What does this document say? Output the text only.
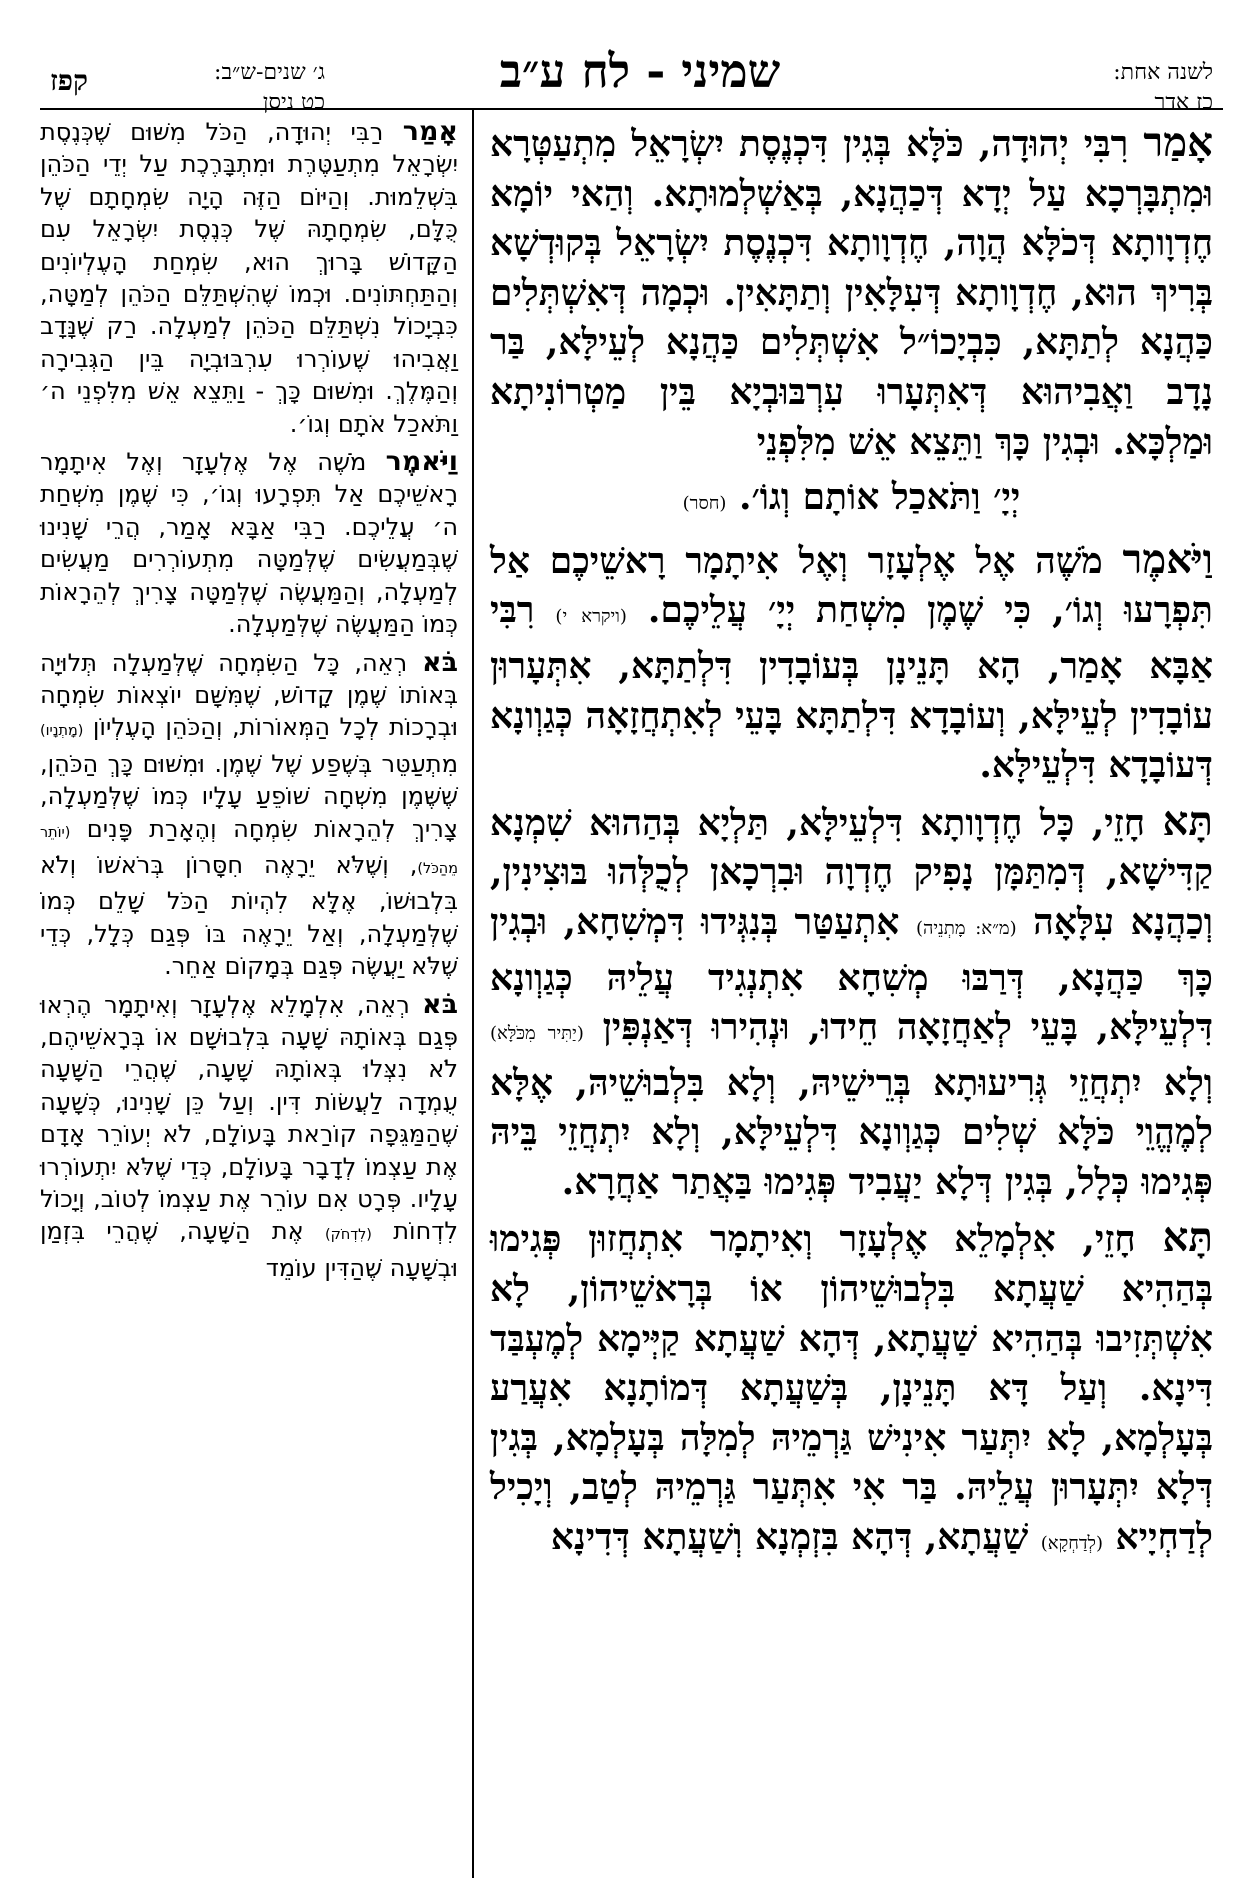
קפז	ג׳ שנים-ש״ב:
כט ניסן
שמיני - לח ע״ב	לשנה אחת:
כז אדר

אָמַר רִבִּי יְהוּדָה, כֹּלָּא בְּגִין דִּכְנֶסֶת יִשְׂרָאֵל מִתְעַטְּרָא וּמִתְבָּרְכָא עַל יְדָא דְּכַהֲנָא, בְּאַשְׁלְמוּתָא. וְהַאי יוֹמָא חֶדְוָותָא דְּכֹלָּא הֲוָה, חֶדְוָותָא דִּכְנֶסֶת יִשְׂרָאֵל בְּקוּדְשָׁא בְּרִיךְ הוּא, חֶדְוָותָא דְּעִלָּאִין וְתַתָּאִין. וּכְמָה דְּאִשְׁתְּלִים כַּהֲנָא לְתַתָּא, כִּבְיָכוֹ״ל אִשְׁתְּלִים כַּהֲנָא לְעֵילָּא, בַּר נָדָב וַאֲבִיהוּא דְּאִתְּעָרוּ עִרְבּוּבְיָא בֵּין מַטְרוֹנִיתָא וּמַלְכָּא. וּבְגִין כָּךְ וַתֵּצֵא אֵשׁ מִלִּפְנֵי

יְיָ׳ וַתֹּאכַל אוֹתָם וְגוֹ׳. (חסר)

וַיֹּאמֶר מֹשֶׁה אֶל אֶלְעָזָר וְאֶל אִיתָמָר רָאשֵׁיכֶם אַל תִּפְרָעוּ וְגוֹ׳, כִּי שֶׁמֶן מִשְׁחַת יְיָ׳ עֲלֵיכֶם. (ויקרא י) רִבִּי אַבָּא אָמַר, הָא תָּנֵינָן בְּעוֹבָדִין דִּלְתַתָּא, אִתְּעָרוּן עוֹבָדִין לְעֵילָּא, וְעוֹבָדָא דִּלְתַתָּא בָּעֵי לְאִתְחֲזָאָה כְּגַוְונָא דְּעוֹבָדָא דִּלְעֵילָּא.

תָּא חָזֵי, כָּל חֶדְוָותָא דִּלְעֵילָּא, תַּלְיָא בְּהַהוּא שִׁמְנָא קַדִּישָׁא, דְּמִתַּמָּן נָפִיק חֶדְוָה וּבִרְכָאן לְכֻלְּהוּ בּוּצִינִין, וְכַהֲנָא עִלָּאָה (מ״א: מָתְנֵיה) אִתְעַטַּר בְּנִגְּידוּ דִּמְשִׁחָא, וּבְגִין כָּךְ כַּהֲנָא, דְּרַבּוּ מְשִׁחָא אִתְנְגִיד עֲלֵיהּ כְּגַוְונָא דִּלְעֵילָּא, בָּעֵי לְאַחֲזָאָה חֵידוּ, וּנְהִירוּ דְּאַנְפִּין (יַתִּיר מִכֹּלָּא) וְלָא יִתְחֲזֵי גְּרִיעוּתָא בְּרֵישֵׁיהּ, וְלָא בִּלְבוּשֵׁיהּ, אֶלָּא לְמֶהֱוֵי כֹּלָּא שְׁלִים כְּגַוְונָא דִּלְעֵילָּא, וְלָא יִתְחֲזֵי בֵּיהּ פְּגִימוּ כְּלָל, בְּגִין דְּלָא יַעֲבִיד פְּגִימוּ בַּאֲתַר אַחֲרָא.

תָּא חָזֵי, אִלְמָלֵא אֶלְעָזָר וְאִיתָמָר אִתְחֲזוּן פְּגִימוּ בְּהַהִיא שַׁעֲתָא בִּלְבוּשֵׁיהוֹן אוֹ בְּרָאשֵׁיהוֹן, לָא אִשְׁתְּזִיבוּ בְּהַהִיא שַׁעֲתָא, דְּהָא שַׁעֲתָא קַיְּימָא לְמֶעְבַּד דִּינָא. וְעַל דָּא תָּנֵינָן, בְּשַׁעֲתָא דְּמוֹתָנָא אִעֲרַע בְּעָלְמָא, לָא יִתְּעַר אִינִישׁ גַּרְמֵיהּ לְמִלָּה בְּעָלְמָא, בְּגִין דְּלָא יִתְּעָרוּן עֲלֵיהּ. בַּר אִי אִתְּעַר גַּרְמֵיהּ לְטַב, וְיָכִיל לְדַחְיָיא (לְדַחְקָא) שַׁעֲתָא, דְּהָא בִּזְמְנָא וְשַׁעֲתָא דְּדִינָא

אָמַר רַבִּי יְהוּדָה, הַכֹּל מִשּׁוּם שֶׁכְּנֶסֶת יִשְׂרָאֵל מִתְעַטֶּרֶת וּמִתְבָּרֶכֶת עַל יְדֵי הַכֹּהֵן בִּשְׁלֵמוּת. וְהַיּוֹם הַזֶּה הָיָה שִׂמְחָתָם שֶׁל כֻּלָּם, שִׂמְחָתָהּ שֶׁל כְּנֶסֶת יִשְׂרָאֵל עִם הַקָּדוֹשׁ בָּרוּךְ הוּא, שִׂמְחַת הָעֶלְיוֹנִים וְהַתַּחְתּוֹנִים. וּכְמוֹ שֶׁהִשְׁתַּלֵּם הַכֹּהֵן לְמַטָּה, כִּבְיָכוֹל נִשְׁתַּלֵּם הַכֹּהֵן לְמַעְלָה. רַק שֶׁנָּדָב וַאֲבִיהוּ שֶׁעוֹרְרוּ עִרְבּוּבְיָה בֵּין הַגְּבִירָה וְהַמֶּלֶךְ. וּמִשּׁוּם כָּךְ - וַתֵּצֵא אֵשׁ מִלִּפְנֵי ה׳ וַתֹּאכַל אֹתָם וְגוֹ׳.

וַיֹּאמֶר מֹשֶׁה אֶל אֶלְעָזָר וְאֶל אִיתָמָר רָאשֵׁיכֶם אַל תִּפְרָעוּ וְגוֹ׳, כִּי שֶׁמֶן מִשְׁחַת ה׳ עֲלֵיכֶם. רַבִּי אַבָּא אָמַר, הֲרֵי שָׁנִינוּ שֶׁבְּמַעֲשִׂים שֶׁלְּמַטָּה מִתְעוֹרְרִים מַעֲשִׂים לְמַעְלָה, וְהַמַּעֲשֶׂה שֶׁלְּמַטָּה צָרִיךְ לְהֵרָאוֹת כְּמוֹ הַמַּעֲשֶׂה שֶׁלְּמַעְלָה.

בֹּא רְאֵה, כָּל הַשִּׂמְחָה שֶׁלְּמַעְלָה תְּלוּיָה בְּאוֹתוֹ שֶׁמֶן קָדוֹשׁ, שֶׁמִּשָּׁם יוֹצְאוֹת שִׂמְחָה וּבְרָכוֹת לְכָל הַמְּאוֹרוֹת, וְהַכֹּהֵן הָעֶלְיוֹן (מָתְנָיו) מִתְעַטֵּר בְּשֶׁפַע שֶׁל שֶׁמֶן. וּמִשּׁוּם כָּךְ הַכֹּהֵן, שֶׁשֶּׁמֶן מִשְׁחָה שׁוֹפֵעַ עָלָיו כְּמוֹ שֶׁלְּמַעְלָה, צָרִיךְ לְהֵרָאוֹת שִׂמְחָה וְהֶאָרַת פָּנִים (יוֹתֵר מֵהַכֹּל), וְשֶׁלֹּא יֵרָאֶה חִסָּרוֹן בְּרֹאשׁוֹ וְלֹא בִּלְבוּשׁוֹ, אֶלָּא לִהְיוֹת הַכֹּל שָׁלֵם כְּמוֹ שֶׁלְּמַעְלָה, וְאַל יֵרָאֶה בּוֹ פְּגַם כְּלָל, כְּדֵי שֶׁלֹּא יַעֲשֶׂה פְּגַם בְּמָקוֹם אַחֵר.

בֹּא רְאֵה, אִלְמָלֵא אֶלְעָזָר וְאִיתָמָר הֶרְאוּ פְּגַם בְּאוֹתָהּ שָׁעָה בִּלְבוּשָׁם אוֹ בְּרָאשֵׁיהֶם, לֹא נִצְּלוּ בְּאוֹתָהּ שָׁעָה, שֶׁהֲרֵי הַשָּׁעָה עֻמְדָה לַעֲשׂוֹת דִּין. וְעַל כֵּן שָׁנִינוּ, כְּשָׁעָה שֶׁהַמַּגֵּפָה קוֹרַאת בָּעוֹלָם, לֹא יְעוֹרֵר אָדָם אֶת עַצְמוֹ לְדָבָר בָּעוֹלָם, כְּדֵי שֶׁלֹּא יִתְעוֹרְרוּ עָלָיו. פְּרָט אִם עוֹרֵר אֶת עַצְמוֹ לְטוֹב, וְיָכוֹל לִדְחוֹת (לִדְחֹק) אֶת הַשָּׁעָה, שֶׁהֲרֵי בִּזְמַן וּבְשָׁעָה שֶׁהַדִּין עוֹמֵד
